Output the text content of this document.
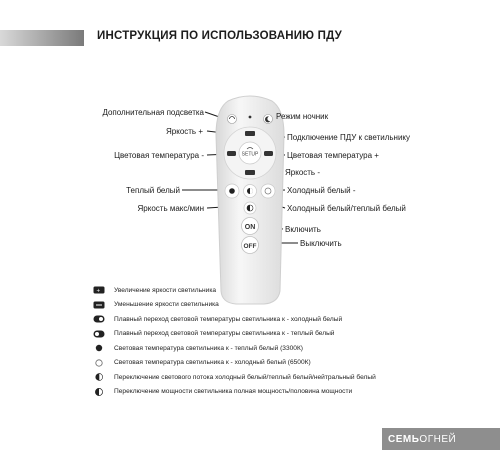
ИНСТРУКЦИЯ ПО ИСПОЛЬЗОВАНИЮ ПДУ
SETUP
ON
OFF
Дополнительная подсветка	Режим ночник
Яркость +
Подключение ПДУ к светильнику
Цветовая температура -	Цветовая температура +
Яркость -
Теплый белый	Холодный белый -
Яркость макс/мин	Холодный белый/теплый белый
Включить
Выключить
+ Увеличение яркости светильника
Уменьшение яркости светильника
Плавный переход световой температуры светильника к - холодный белый
Плавный переход световой температуры светильника к - теплый белый
Световая температура светильника к - теплый белый (3300К)
Световая температура светильника к - холодный белый (6500К)
Переключение светового потока холодный белый/теплый белый/нейтральный белый
Переключение мощности светильника полная мощность/половина мощности
СЕМЬ ОГНЕЙ
